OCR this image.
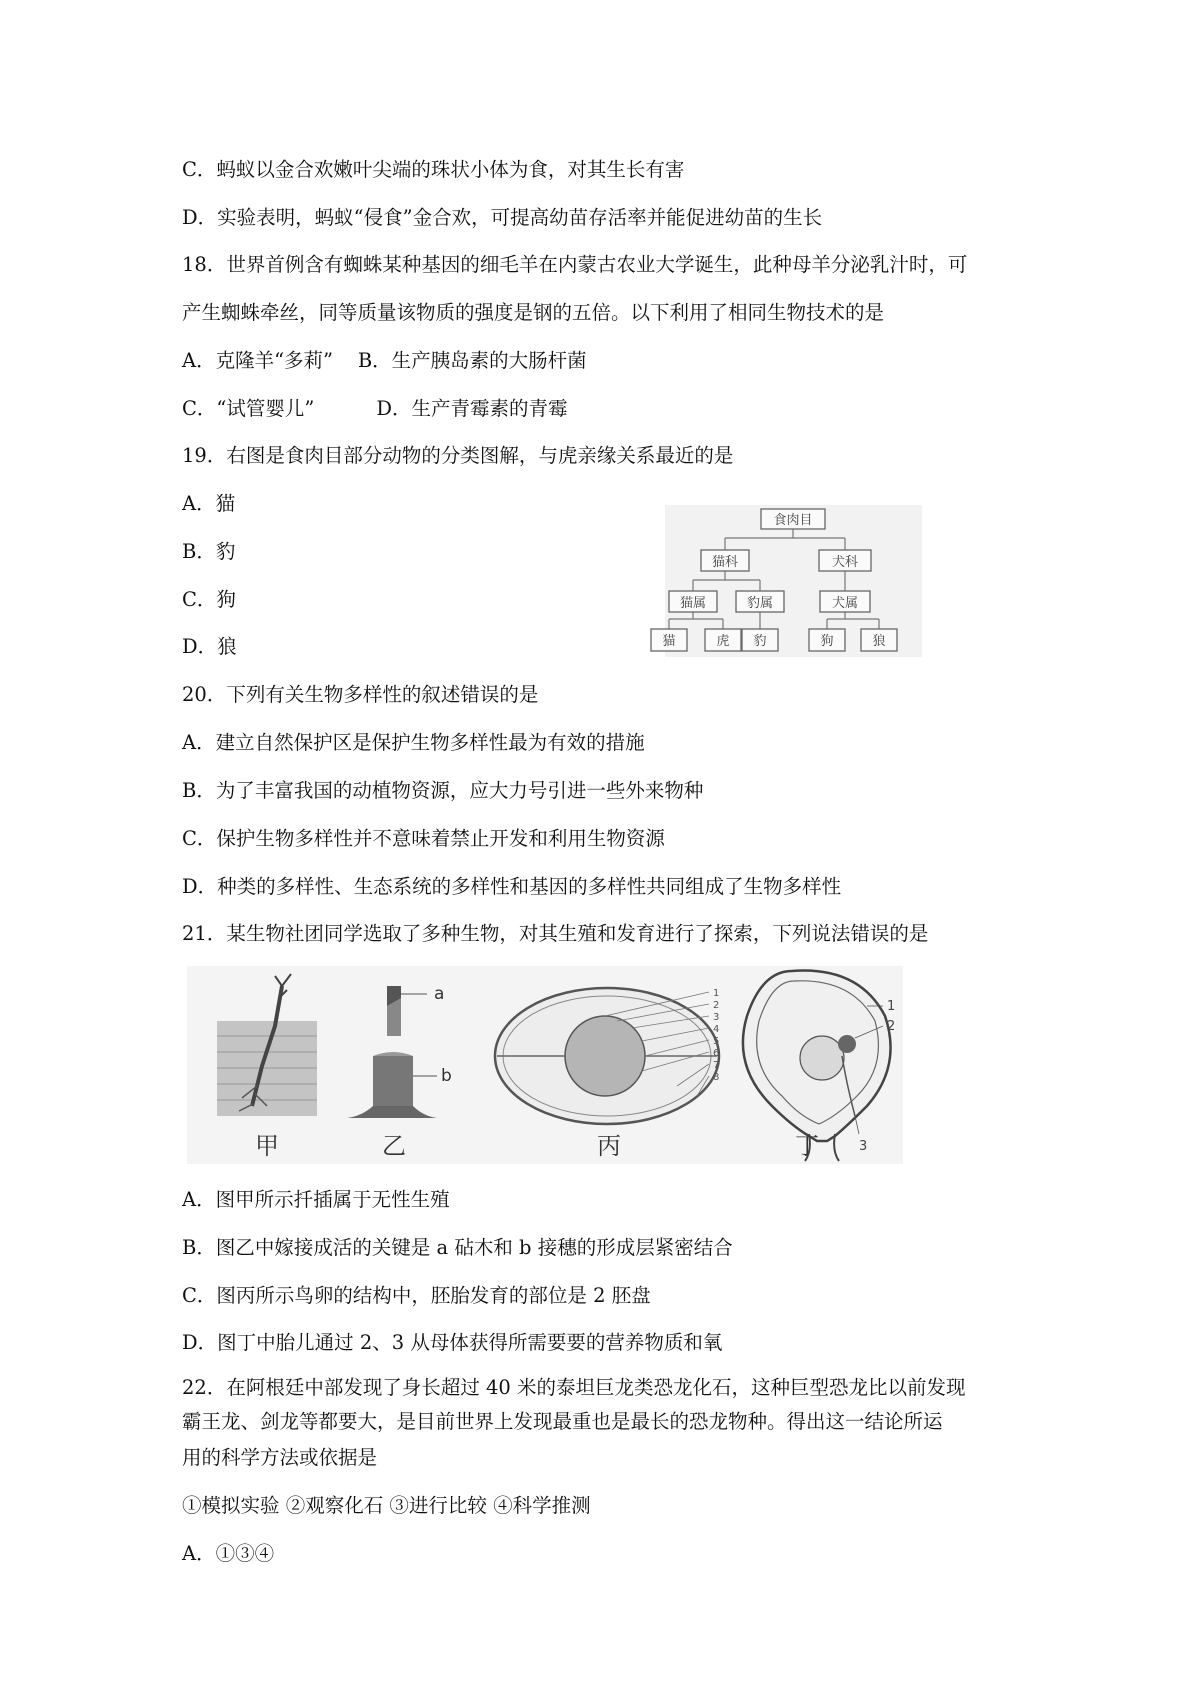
C．蚂蚁以金合欢嫩叶尖端的珠状小体为食，对其生长有害
D．实验表明，蚂蚁“侵食”金合欢，可提高幼苗存活率并能促进幼苗的生长
18．世界首例含有蜘蛛某种基因的细毛羊在内蒙古农业大学诞生，此种母羊分泌乳汁时，可
产生蜘蛛牵丝，同等质量该物质的强度是钢的五倍。以下利用了相同生物技术的是
A．克隆羊“多莉”    B．生产胰岛素的大肠杆菌
C．“试管婴儿”          D．生产青霉素的青霉
19．右图是食肉目部分动物的分类图解，与虎亲缘关系最近的是
A．猫
B．豹
C．狗
D．狼
食肉目
猫科	犬科
猫属	豹属	犬属
猫	虎 豹	狗	狼
20．下列有关生物多样性的叙述错误的是
A．建立自然保护区是保护生物多样性最为有效的措施
B．为了丰富我国的动植物资源，应大力号引进一些外来物种
C．保护生物多样性并不意味着禁止开发和利用生物资源
D．种类的多样性、生态系统的多样性和基因的多样性共同组成了生物多样性
21．某生物社团同学选取了多种生物，对其生殖和发育进行了探索，下列说法错误的是
a
b
1
2
3
4
5
6
7
8
1
2
3
甲	乙	丙	丁
A．图甲所示扦插属于无性生殖
B．图乙中嫁接成活的关键是 a 砧木和 b 接穗的形成层紧密结合
C．图丙所示鸟卵的结构中，胚胎发育的部位是 2 胚盘
D．图丁中胎儿通过 2、3 从母体获得所需要要的营养物质和氧
22．在阿根廷中部发现了身长超过 40 米的泰坦巨龙类恐龙化石，这种巨型恐龙比以前发现
霸王龙、剑龙等都要大，是目前世界上发现最重也是最长的恐龙物种。得出这一结论所运
用的科学方法或依据是
①模拟实验 ②观察化石 ③进行比较 ④科学推测
A．①③④
